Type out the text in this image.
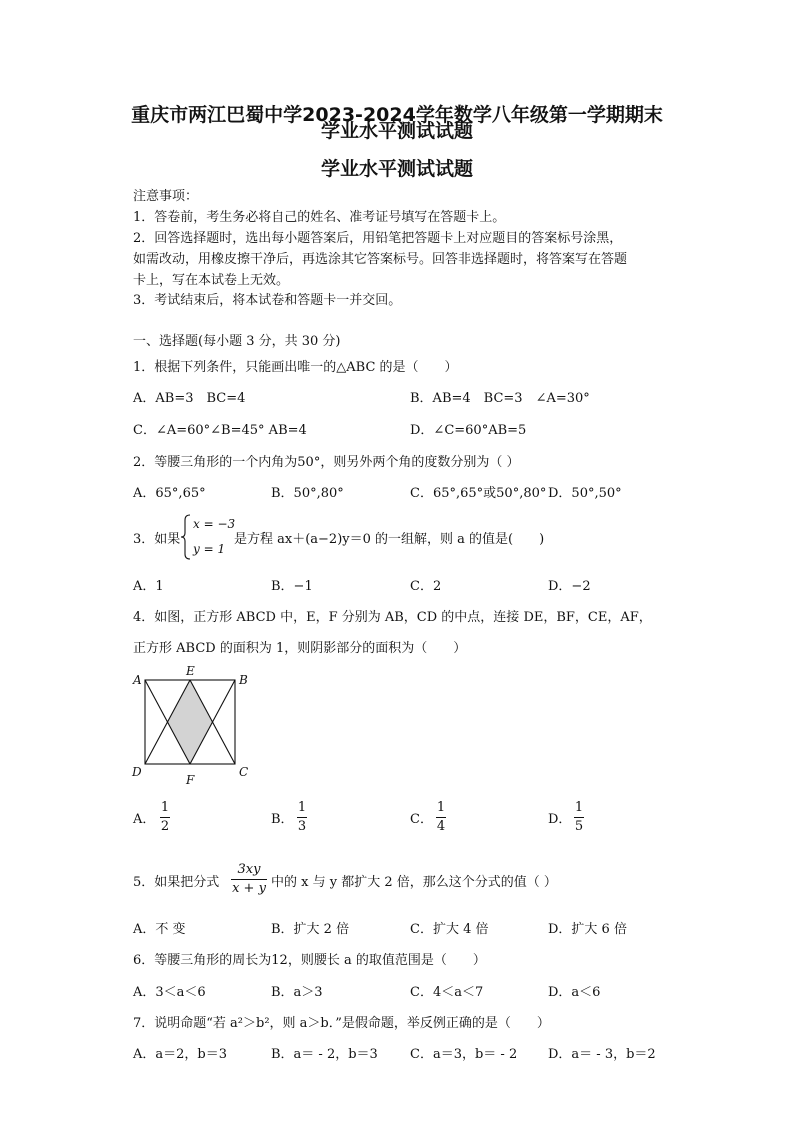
重庆市两江巴蜀中学2023-2024学年数学八年级第一学期期末
学业水平测试试题
学业水平测试试题
注意事项：
1．答卷前，考生务必将自己的姓名、准考证号填写在答题卡上。
2．回答选择题时，选出每小题答案后，用铅笔把答题卡上对应题目的答案标号涂黑，
如需改动，用橡皮擦干净后，再选涂其它答案标号。回答非选择题时，将答案写在答题
卡上，写在本试卷上无效。
3．考试结束后，将本试卷和答题卡一并交回。
一、选择题(每小题 3 分，共 30 分)
1．根据下列条件，只能画出唯一的△ABC 的是（　　）
A．AB=3　BC=4	B．AB=4　BC=3　∠A=30°
C．∠A=60°∠B=45° AB=4	D．∠C=60°AB=5
2．等腰三角形的一个内角为50°，则另外两个角的度数分别为（ ）
A．65°,65°	B．50°,80°	C．65°,65°或50°,80° D．50°,50°
3．如果
x = −3
y = 1
是方程 ax＋(a−2)y＝0 的一组解，则 a 的值是(　　)
A．1	B．−1	C．2	D．−2
4．如图，正方形 ABCD 中，E，F 分别为 AB，CD 的中点，连接 DE，BF，CE，AF，
正方形 ABCD 的面积为 1，则阴影部分的面积为（　　）
A	B
C
D
E
F
A．
1
2	B．
1
3	C．
1
4	D．
1
5
5．如果把分式
3xy
x + y 中的 x 与 y 都扩大 2 倍，那么这个分式的值（ ）
A．不 变	B．扩大 2 倍	C．扩大 4 倍	D．扩大 6 倍
6．等腰三角形的周长为12，则腰长 a 的取值范围是（　　）
A．3＜a＜6	B．a＞3	C．4＜a＜7	D．a＜6
7．说明命题“若 a²＞b²，则 a＞b．”是假命题，举反例正确的是（　　）
A．a＝2，b＝3	B．a＝ - 2，b＝3 C．a＝3，b＝ - 2 D．a＝ - 3，b＝2
